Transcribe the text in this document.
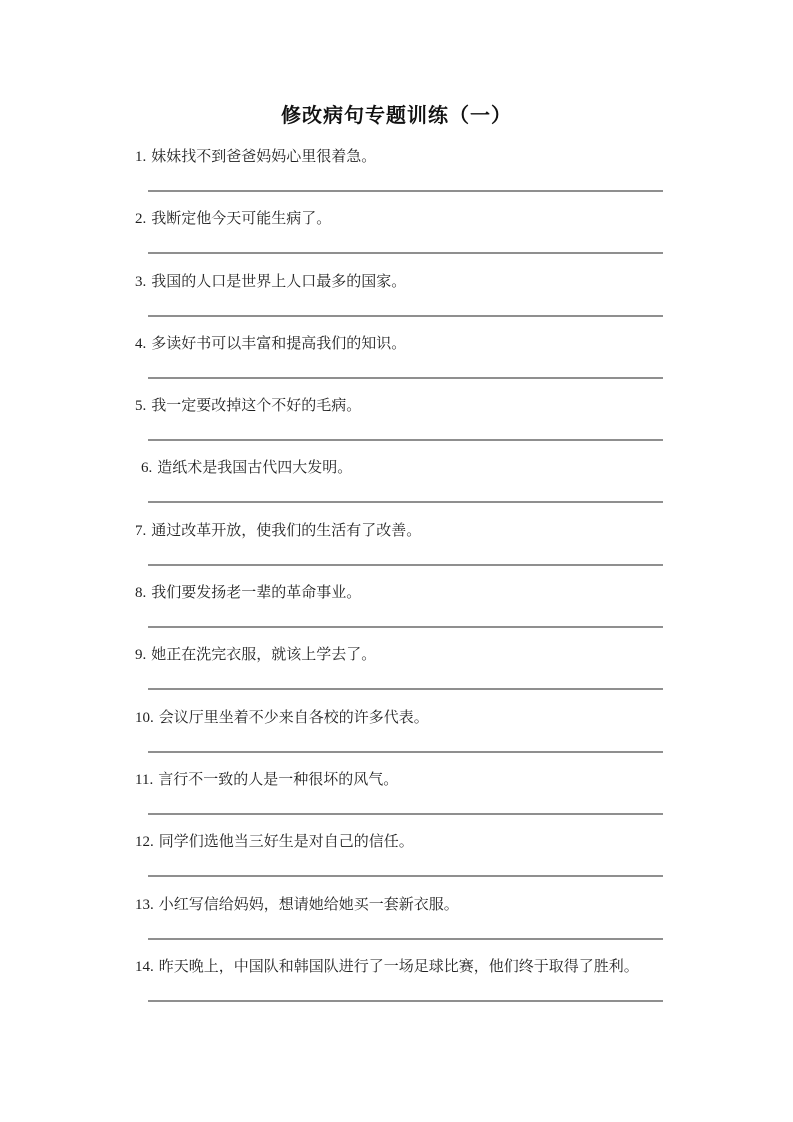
修改病句专题训练（一）
1. 妹妹找不到爸爸妈妈心里很着急。
2. 我断定他今天可能生病了。
3. 我国的人口是世界上人口最多的国家。
4. 多读好书可以丰富和提高我们的知识。
5. 我一定要改掉这个不好的毛病。
6. 造纸术是我国古代四大发明。
7. 通过改革开放，使我们的生活有了改善。
8. 我们要发扬老一辈的革命事业。
9. 她正在洗完衣服，就该上学去了。
10. 会议厅里坐着不少来自各校的许多代表。
11. 言行不一致的人是一种很坏的风气。
12. 同学们选他当三好生是对自己的信任。
13. 小红写信给妈妈，想请她给她买一套新衣服。
14. 昨天晚上，中国队和韩国队进行了一场足球比赛，他们终于取得了胜利。
